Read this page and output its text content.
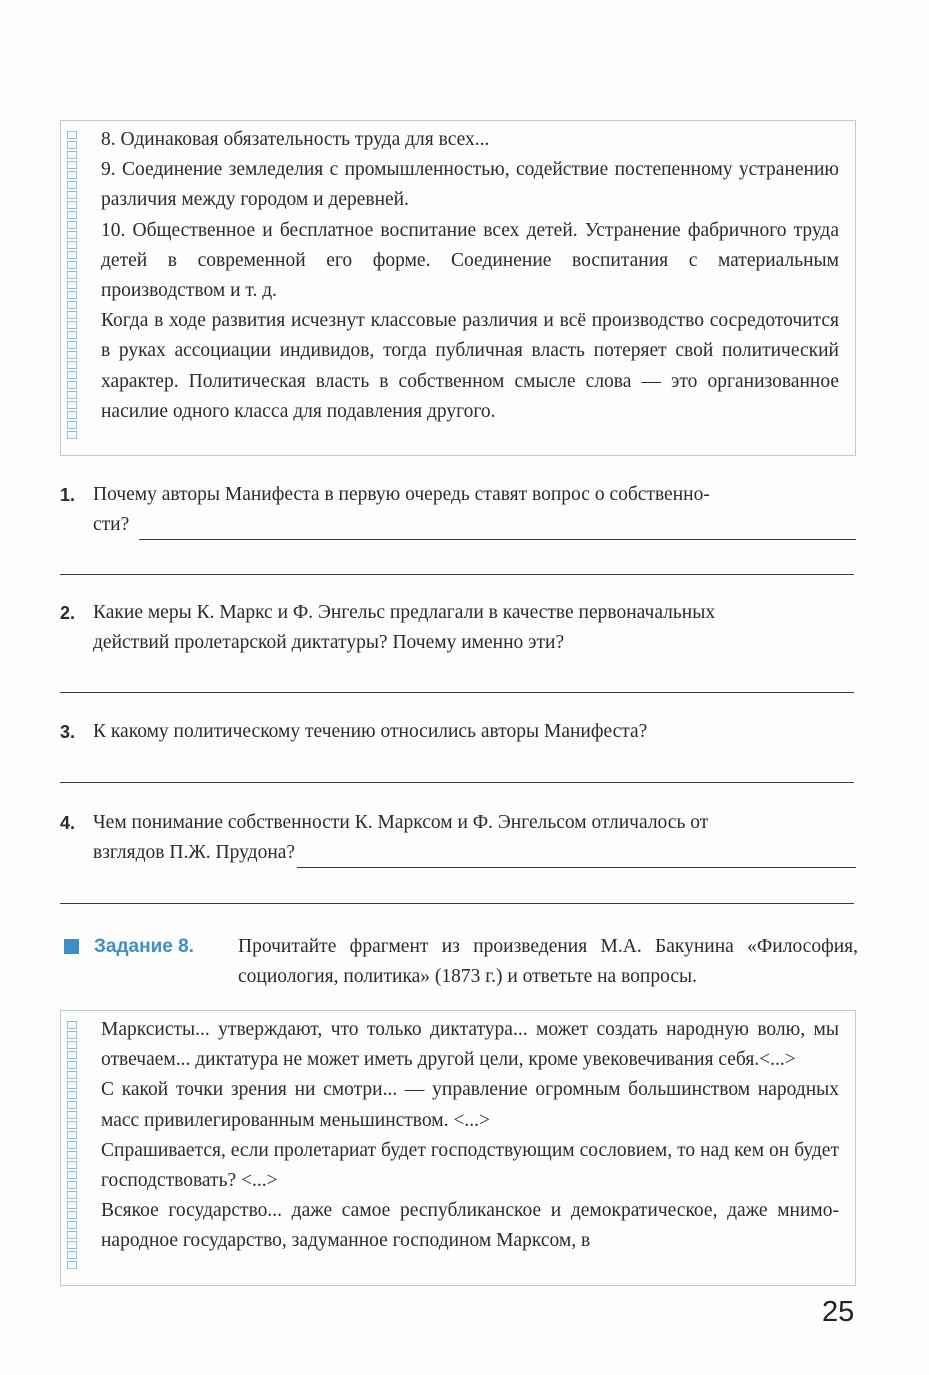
8. Одинаковая обязательность труда для всех...

9. Соединение земледелия с промышленностью, содействие постепенному устранению различия между городом и деревней.

10. Общественное и бесплатное воспитание всех детей. Устранение фабричного труда детей в современной его форме. Соединение воспитания с материальным производством и т. д.

Когда в ходе развития исчезнут классовые различия и всё производство сосредоточится в руках ассоциации индивидов, тогда публичная власть потеряет свой политический характер. Политическая власть в собственном смысле слова — это организованное насилие одного класса для подавления другого.

1. Почему авторы Манифеста в первую очередь ставят вопрос о собственно-
сти?
2. Какие меры К. Маркс и Ф. Энгельс предлагали в качестве первоначальных
действий пролетарской диктатуры? Почему именно эти?
3. К какому политическому течению относились авторы Манифеста?
4. Чем понимание собственности К. Марксом и Ф. Энгельсом отличалось от
взглядов П.Ж. Прудона?
Задание 8. Прочитайте фрагмент из произведения М.А. Бакунина «Философия, социология, политика» (1873 г.) и ответьте на вопросы.

Марксисты... утверждают, что только диктатура... может создать народную волю, мы отвечаем... диктатура не может иметь другой цели, кроме увековечивания себя.<...>

С какой точки зрения ни смотри... — управление огромным большинством народных масс привилегированным меньшинством. <...>

Спрашивается, если пролетариат будет господствующим сословием, то над кем он будет господствовать? <...>

Всякое государство... даже самое республиканское и демократическое, даже мнимо-народное государство, задуманное господином Марксом, в

25
